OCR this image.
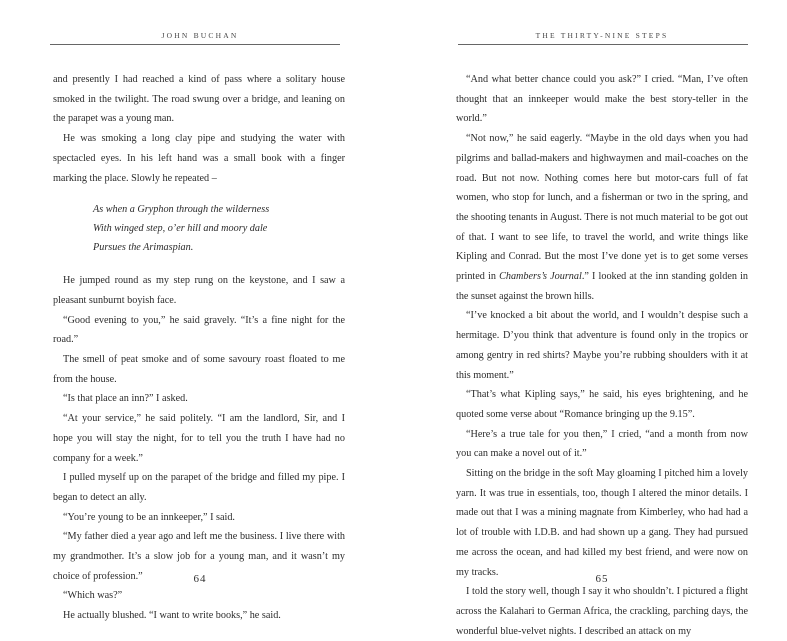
JOHN BUCHAN

and presently I had reached a kind of pass where a solitary house smoked in the twilight. The road swung over a bridge, and leaning on the parapet was a young man.

He was smoking a long clay pipe and studying the water with spectacled eyes. In his left hand was a small book with a finger marking the place. Slowly he repeated –

As when a Gryphon through the wilderness
With winged step, o’er hill and moory dale
Pursues the Arimaspian.

He jumped round as my step rung on the keystone, and I saw a pleasant sunburnt boyish face.

“Good evening to you,” he said gravely. “It’s a fine night for the road.”

The smell of peat smoke and of some savoury roast floated to me from the house.

“Is that place an inn?” I asked.

“At your service,” he said politely. “I am the landlord, Sir, and I hope you will stay the night, for to tell you the truth I have had no company for a week.”

I pulled myself up on the parapet of the bridge and filled my pipe. I began to detect an ally.

“You’re young to be an innkeeper,” I said.

“My father died a year ago and left me the business. I live there with my grandmother. It’s a slow job for a young man, and it wasn’t my choice of profession.”

“Which was?”

He actually blushed. “I want to write books,” he said.

64
THE THIRTY-NINE STEPS

“And what better chance could you ask?” I cried. “Man, I’ve often thought that an innkeeper would make the best story-teller in the world.”

“Not now,” he said eagerly. “Maybe in the old days when you had pilgrims and ballad-makers and highwaymen and mail-coaches on the road. But not now. Nothing comes here but motor-cars full of fat women, who stop for lunch, and a fisherman or two in the spring, and the shooting tenants in August. There is not much material to be got out of that. I want to see life, to travel the world, and write things like Kipling and Conrad. But the most I’ve done yet is to get some verses printed in Chambers’s Journal.” I looked at the inn standing golden in the sunset against the brown hills.

“I’ve knocked a bit about the world, and I wouldn’t despise such a hermitage. D’you think that adventure is found only in the tropics or among gentry in red shirts? Maybe you’re rubbing shoulders with it at this moment.”

“That’s what Kipling says,” he said, his eyes brightening, and he quoted some verse about “Romance bringing up the 9.15”.

“Here’s a true tale for you then,” I cried, “and a month from now you can make a novel out of it.”

Sitting on the bridge in the soft May gloaming I pitched him a lovely yarn. It was true in essentials, too, though I altered the minor details. I made out that I was a mining magnate from Kimberley, who had had a lot of trouble with I.D.B. and had shown up a gang. They had pursued me across the ocean, and had killed my best friend, and were now on my tracks.

I told the story well, though I say it who shouldn’t. I pictured a flight across the Kalahari to German Africa, the crackling, parching days, the wonderful blue-velvet nights. I described an attack on my

65
